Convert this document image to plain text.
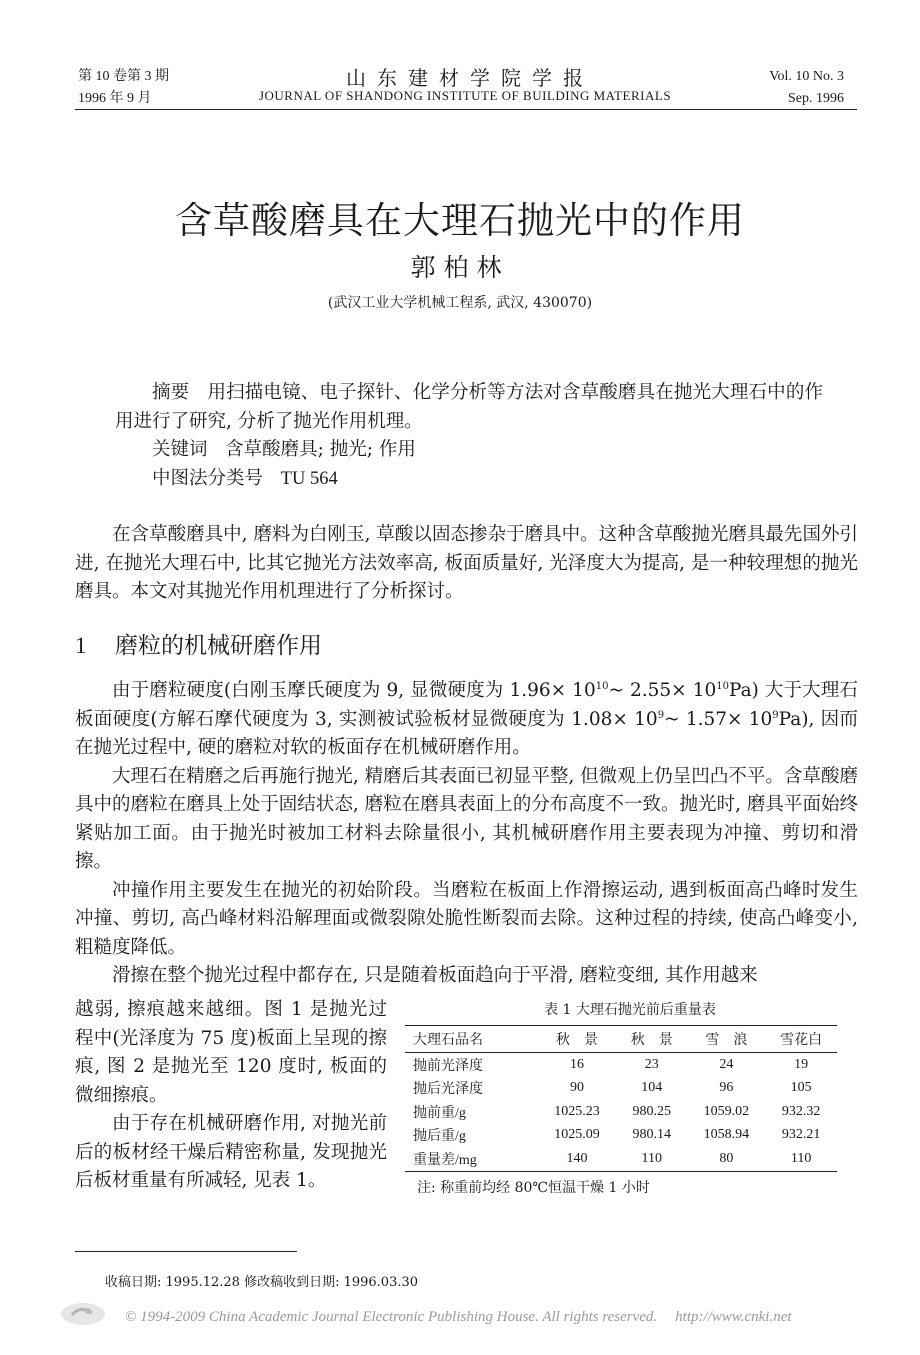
第 10 卷第 3 期
1996 年 9 月
山东建材学院学报
JOURNAL OF SHANDONG INSTITUTE OF BUILDING MATERIALS
Vol. 10 No. 3
Sep. 1996
含草酸磨具在大理石抛光中的作用
郭柏林
(武汉工业大学机械工程系, 武汉, 430070)
摘要 用扫描电镜、电子探针、化学分析等方法对含草酸磨具在抛光大理石中的作用进行了研究, 分析了抛光作用机理。
关键词 含草酸磨具; 抛光; 作用
中图法分类号 TU 564
在含草酸磨具中, 磨料为白刚玉, 草酸以固态掺杂于磨具中。这种含草酸抛光磨具最先国外引进, 在抛光大理石中, 比其它抛光方法效率高, 板面质量好, 光泽度大为提高, 是一种较理想的抛光磨具。本文对其抛光作用机理进行了分析探讨。
1 磨粒的机械研磨作用
由于磨粒硬度(白刚玉摩氏硬度为 9, 显微硬度为 $1.96\times 10^{10}\sim$ $2.55\times 10^{10}Pa$) 大于大理石板面硬度(方解石摩代硬度为 3, 实测被试验板材显微硬度为 $1.08\times 10^9\sim$ $1.57\times 10^9Pa$), 因而在抛光过程中, 硬的磨粒对软的板面存在机械研磨作用。
大理石在精磨之后再施行抛光, 精磨后其表面已初显平整, 但微观上仍呈凹凸不平。含草酸磨具中的磨粒在磨具上处于固结状态, 磨粒在磨具表面上的分布高度不一致。抛光时, 磨具平面始终紧贴加工面。由于抛光时被加工材料去除量很小, 其机械研磨作用主要表现为冲撞、剪切和滑擦。
冲撞作用主要发生在抛光的初始阶段。当磨粒在板面上作滑擦运动, 遇到板面高凸峰时发生冲撞、剪切, 高凸峰材料沿解理面或微裂隙处脆性断裂而去除。这种过程的持续, 使高凸峰变小, 粗糙度降低。
滑擦在整个抛光过程中都存在, 只是随着板面趋向于平滑, 磨粒变细, 其作用越来
越弱, 擦痕越来越细。图 1 是抛光过程中(光泽度为 75 度)板面上呈现的擦痕, 图 2 是抛光至 120 度时, 板面的微细擦痕。
由于存在机械研磨作用, 对抛光前后的板材经干燥后精密称量, 发现抛光后板材重量有所减轻, 见表 1。
表 1 大理石抛光前后重量表
大理石品名	秋　景	秋　景	雪　浪	雪花白
抛前光泽度	16	23	24	19
抛后光泽度	90	104	96	105
抛前重/g	1025.23	980.25	1059.02	932.32
抛后重/g	1025.09	980.14	1058.94	932.21
重量差/mg	140	110	80	110
注: 称重前均经 80℃恒温干燥 1 小时
收稿日期: 1995.12.28 修改稿收到日期: 1996.03.30
© 1994-2009 China Academic Journal Electronic Publishing House. All rights reserved. http://www.cnki.net
